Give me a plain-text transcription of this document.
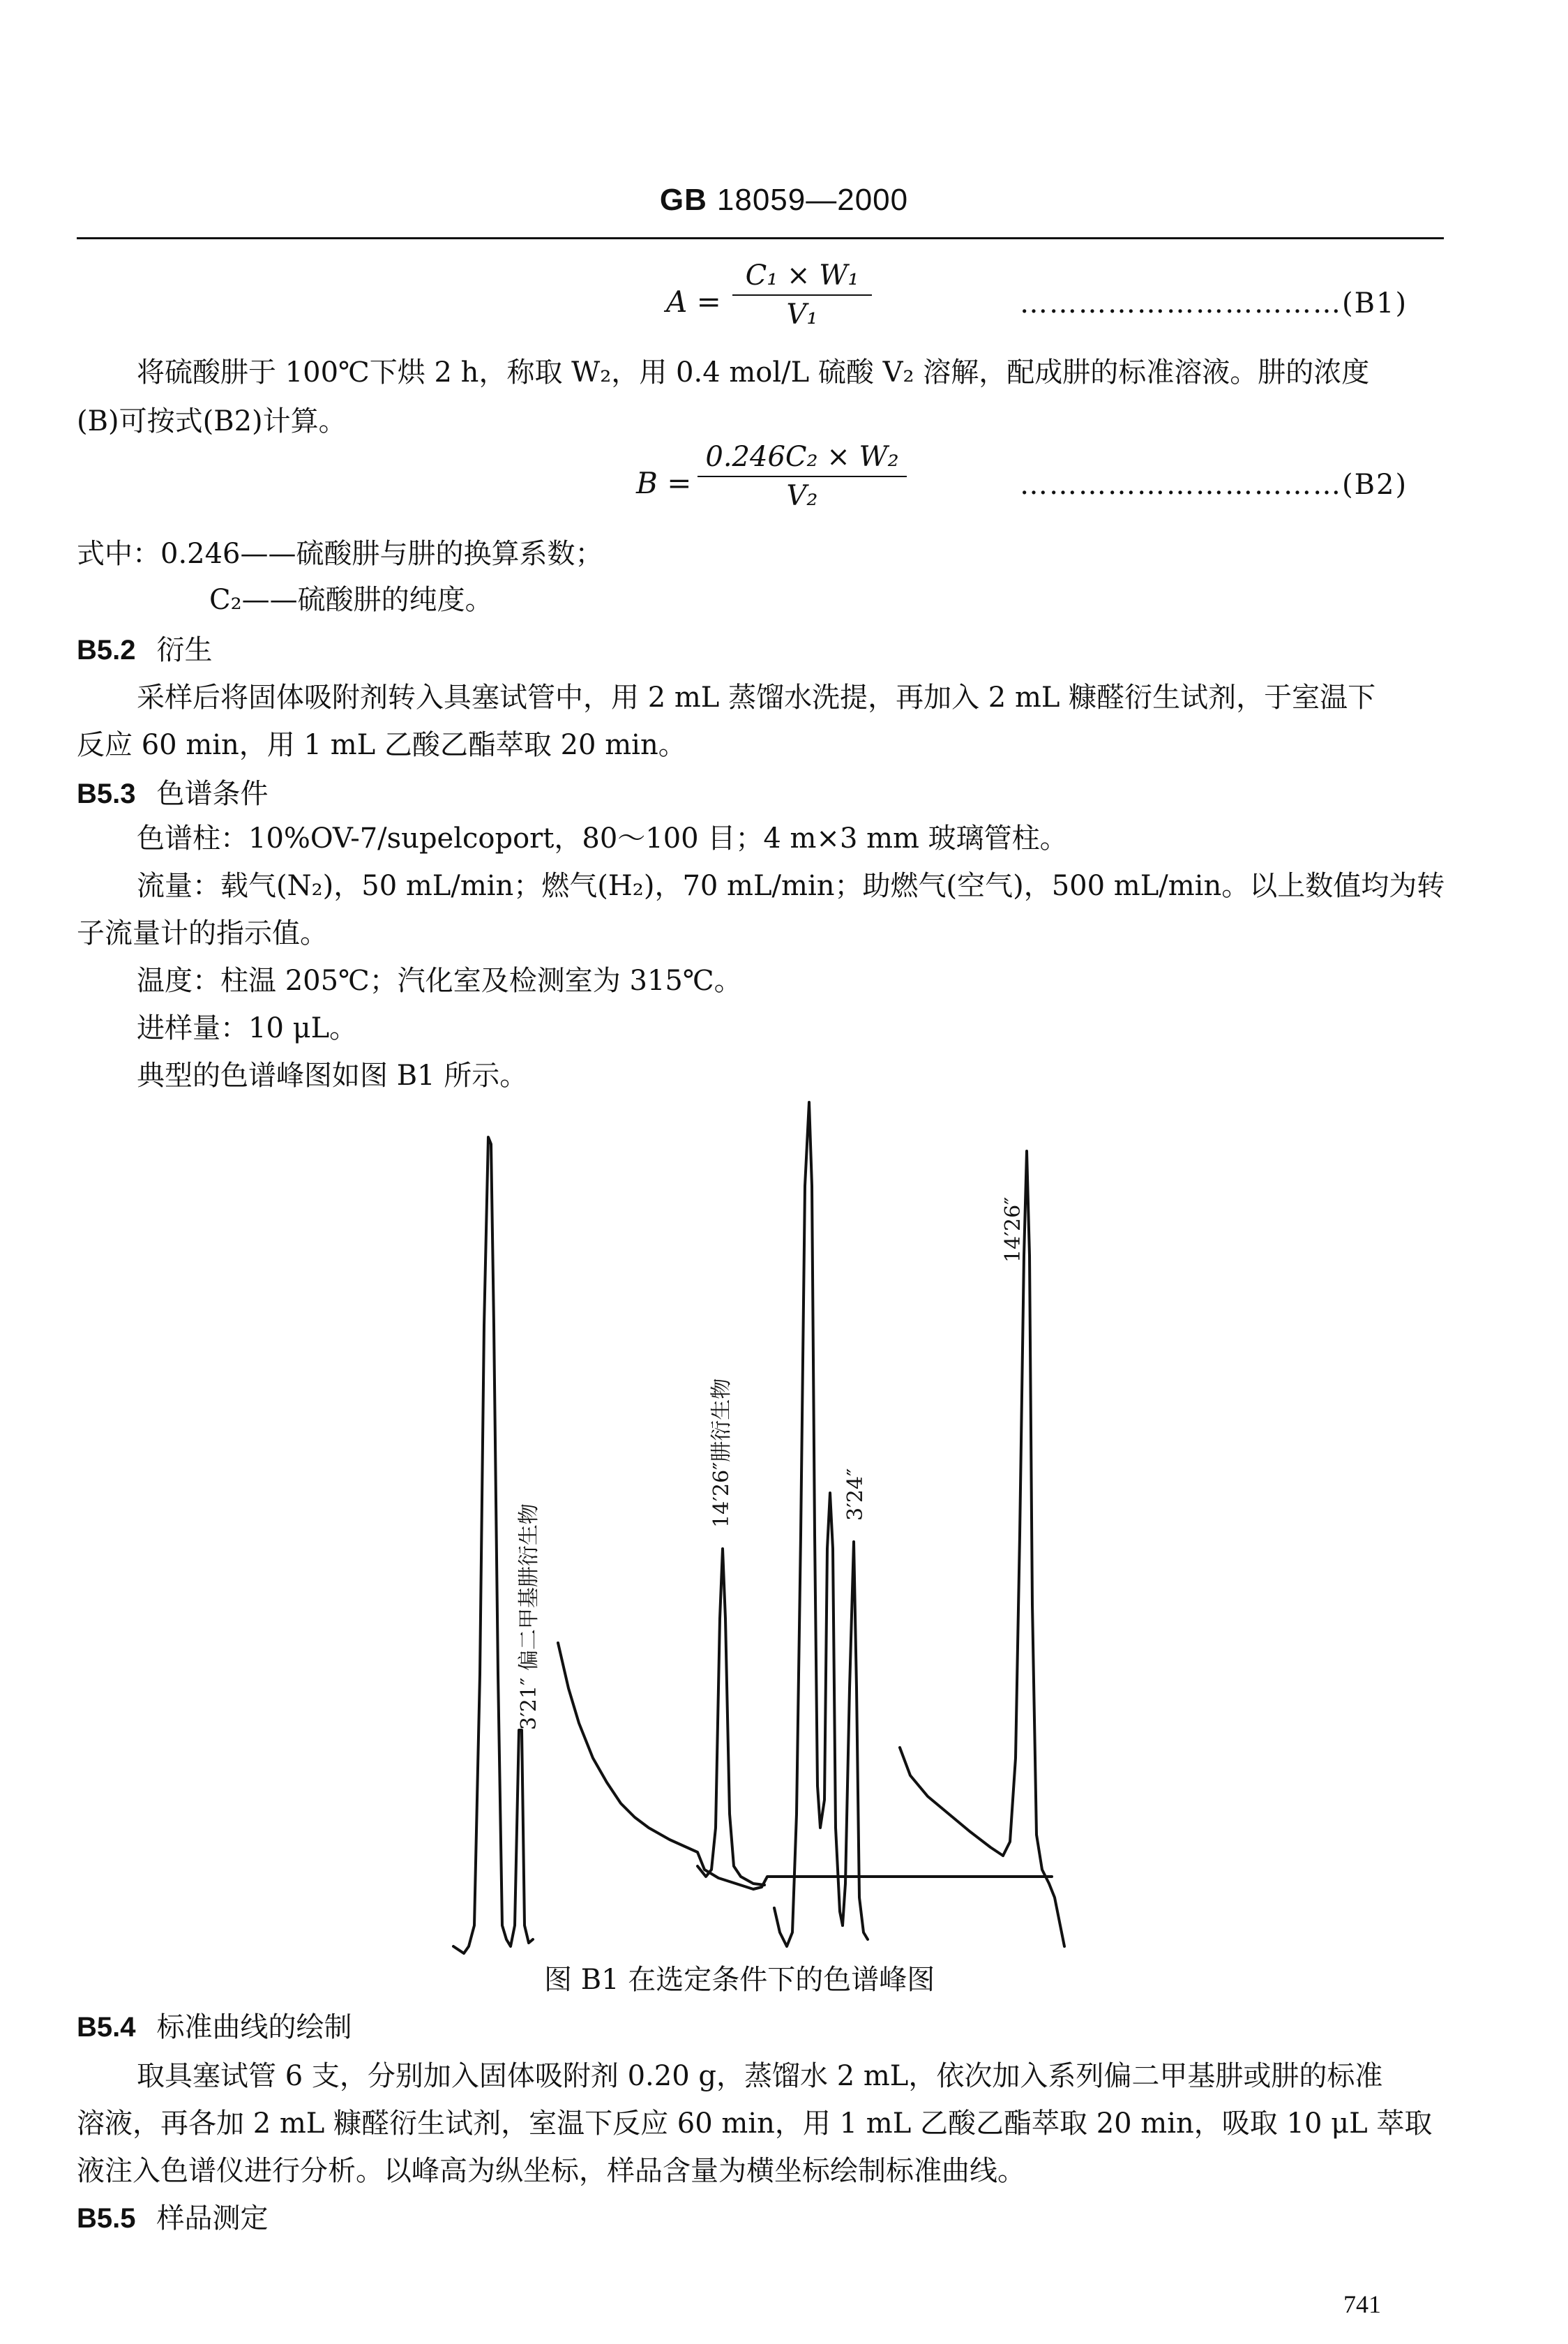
GB 18059—2000
$A = \frac{\text{C₁ × W₁}}{\text{V₁}}$	……………………………(B1)
将硫酸肼于 100℃下烘 2 h，称取 W₂，用 0.4 mol/L 硫酸 V₂ 溶解，配成肼的标准溶液。肼的浓度
(B)可按式(B2)计算。
$B = \frac{\text{0.246C₂ × W₂}}{\text{V₂}}$	……………………………(B2)
式中：0.246——硫酸肼与肼的换算系数；
C₂——硫酸肼的纯度。
B5.2 衍生
采样后将固体吸附剂转入具塞试管中，用 2 mL 蒸馏水洗提，再加入 2 mL 糠醛衍生试剂，于室温下
反应 60 min，用 1 mL 乙酸乙酯萃取 20 min。
B5.3 色谱条件
色谱柱：10%OV-7/supelcoport，80～100 目；4 m×3 mm 玻璃管柱。
流量：载气(N₂)，50 mL/min；燃气(H₂)，70 mL/min；助燃气(空气)，500 mL/min。以上数值均为转
子流量计的指示值。
温度：柱温 205℃；汽化室及检测室为 315℃。
进样量：10 μL。
典型的色谱峰图如图 B1 所示。
3′21″ 偏二甲基肼衍生物
14′26″肼衍生物	3′24″
14′26″
图 B1 在选定条件下的色谱峰图
B5.4 标准曲线的绘制
取具塞试管 6 支，分别加入固体吸附剂 0.20 g，蒸馏水 2 mL，依次加入系列偏二甲基肼或肼的标准
溶液，再各加 2 mL 糠醛衍生试剂，室温下反应 60 min，用 1 mL 乙酸乙酯萃取 20 min，吸取 10 μL 萃取
液注入色谱仪进行分析。以峰高为纵坐标，样品含量为横坐标绘制标准曲线。
B5.5 样品测定
741
